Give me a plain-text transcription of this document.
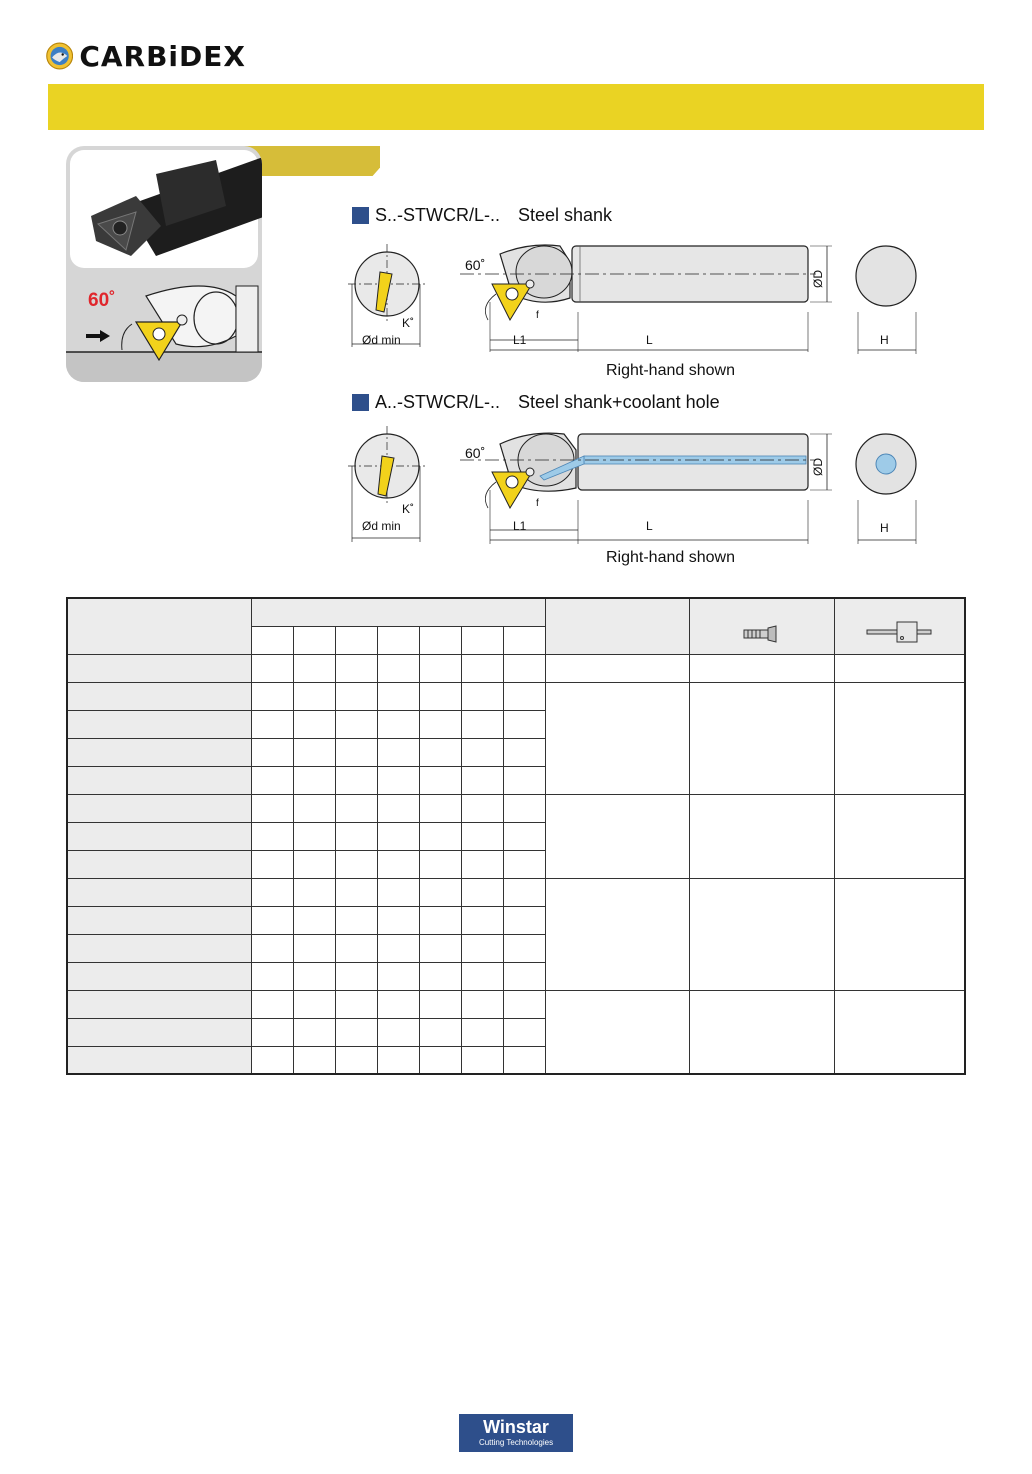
CARBiDEX
60˚
S..-STWCR/L-.. Steel shank
Ød min
K˚
60˚
L1	L
f
ØD
H
Right-hand shown
A..-STWCR/L-.. Steel shank+coolant hole
Ød min
K˚
60˚
L1	L
f
ØD
H
Right-hand shown

Winstar
Cutting Technologies
